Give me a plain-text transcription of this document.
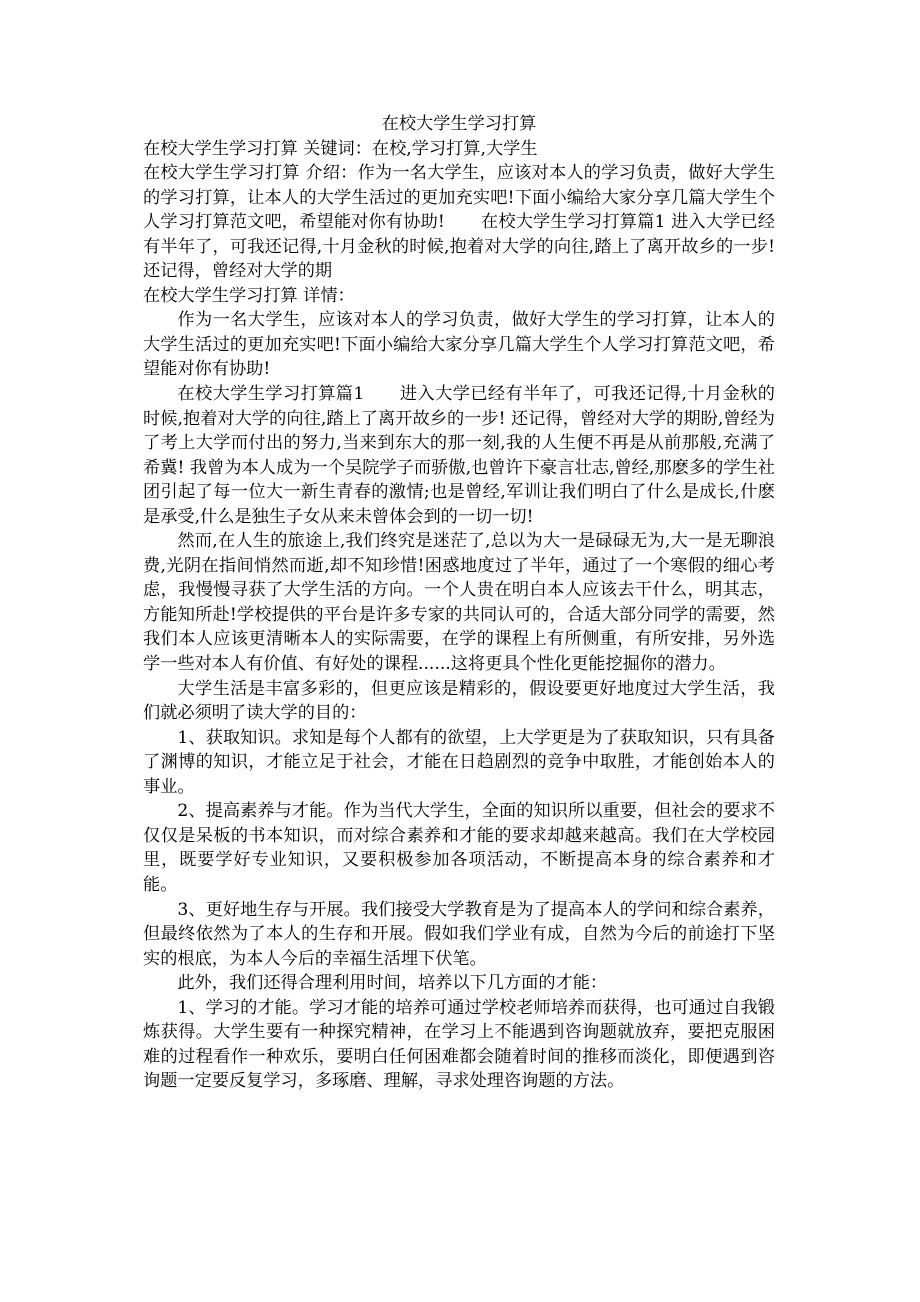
在校大学生学习打算

在校大学生学习打算 关键词：在校,学习打算,大学生

在校大学生学习打算 介绍：作为一名大学生，应该对本人的学习负责，做好大学生的学习打算，让本人的大学生活过的更加充实吧!下面小编给大家分享几篇大学生个人学习打算范文吧，希望能对你有协助! 在校大学生学习打算篇1 进入大学已经有半年了，可我还记得,十月金秋的时候,抱着对大学的向往,踏上了离开故乡的一步!还记得，曾经对大学的期

在校大学生学习打算 详情：

作为一名大学生，应该对本人的学习负责，做好大学生的学习打算，让本人的大学生活过的更加充实吧!下面小编给大家分享几篇大学生个人学习打算范文吧，希望能对你有协助!

在校大学生学习打算篇1　　进入大学已经有半年了，可我还记得,十月金秋的时候,抱着对大学的向往,踏上了离开故乡的一步! 还记得，曾经对大学的期盼,曾经为了考上大学而付出的努力,当来到东大的那一刻,我的人生便不再是从前那般,充满了希冀! 我曾为本人成为一个吴院学子而骄傲,也曾许下豪言壮志,曾经,那麽多的学生社团引起了每一位大一新生青春的激情;也是曾经,军训让我们明白了什么是成长,什麽是承受,什么是独生子女从来未曾体会到的一切一切!

然而,在人生的旅途上,我们终究是迷茫了,总以为大一是碌碌无为,大一是无聊浪费,光阴在指间悄然而逝,却不知珍惜!困惑地度过了半年，通过了一个寒假的细心考虑，我慢慢寻获了大学生活的方向。一个人贵在明白本人应该去干什么，明其志，方能知所赴!学校提供的平台是许多专家的共同认可的，合适大部分同学的需要，然我们本人应该更清晰本人的实际需要，在学的课程上有所侧重，有所安排，另外选学一些对本人有价值、有好处的课程......这将更具个性化更能挖掘你的潜力。

大学生活是丰富多彩的，但更应该是精彩的，假设要更好地度过大学生活，我们就必须明了读大学的目的：

1、获取知识。求知是每个人都有的欲望，上大学更是为了获取知识，只有具备了渊博的知识，才能立足于社会，才能在日趋剧烈的竞争中取胜，才能创始本人的事业。

2、提高素养与才能。作为当代大学生，全面的知识所以重要，但社会的要求不仅仅是呆板的书本知识，而对综合素养和才能的要求却越来越高。我们在大学校园里，既要学好专业知识，又要积极参加各项活动，不断提高本身的综合素养和才能。

3、更好地生存与开展。我们接受大学教育是为了提高本人的学问和综合素养，但最终依然为了本人的生存和开展。假如我们学业有成，自然为今后的前途打下坚实的根底，为本人今后的幸福生活埋下伏笔。

此外，我们还得合理利用时间，培养以下几方面的才能：

1、学习的才能。学习才能的培养可通过学校老师培养而获得，也可通过自我锻炼获得。大学生要有一种探究精神，在学习上不能遇到咨询题就放弃，要把克服困难的过程看作一种欢乐，要明白任何困难都会随着时间的推移而淡化，即便遇到咨询题一定要反复学习，多琢磨、理解，寻求处理咨询题的方法。
